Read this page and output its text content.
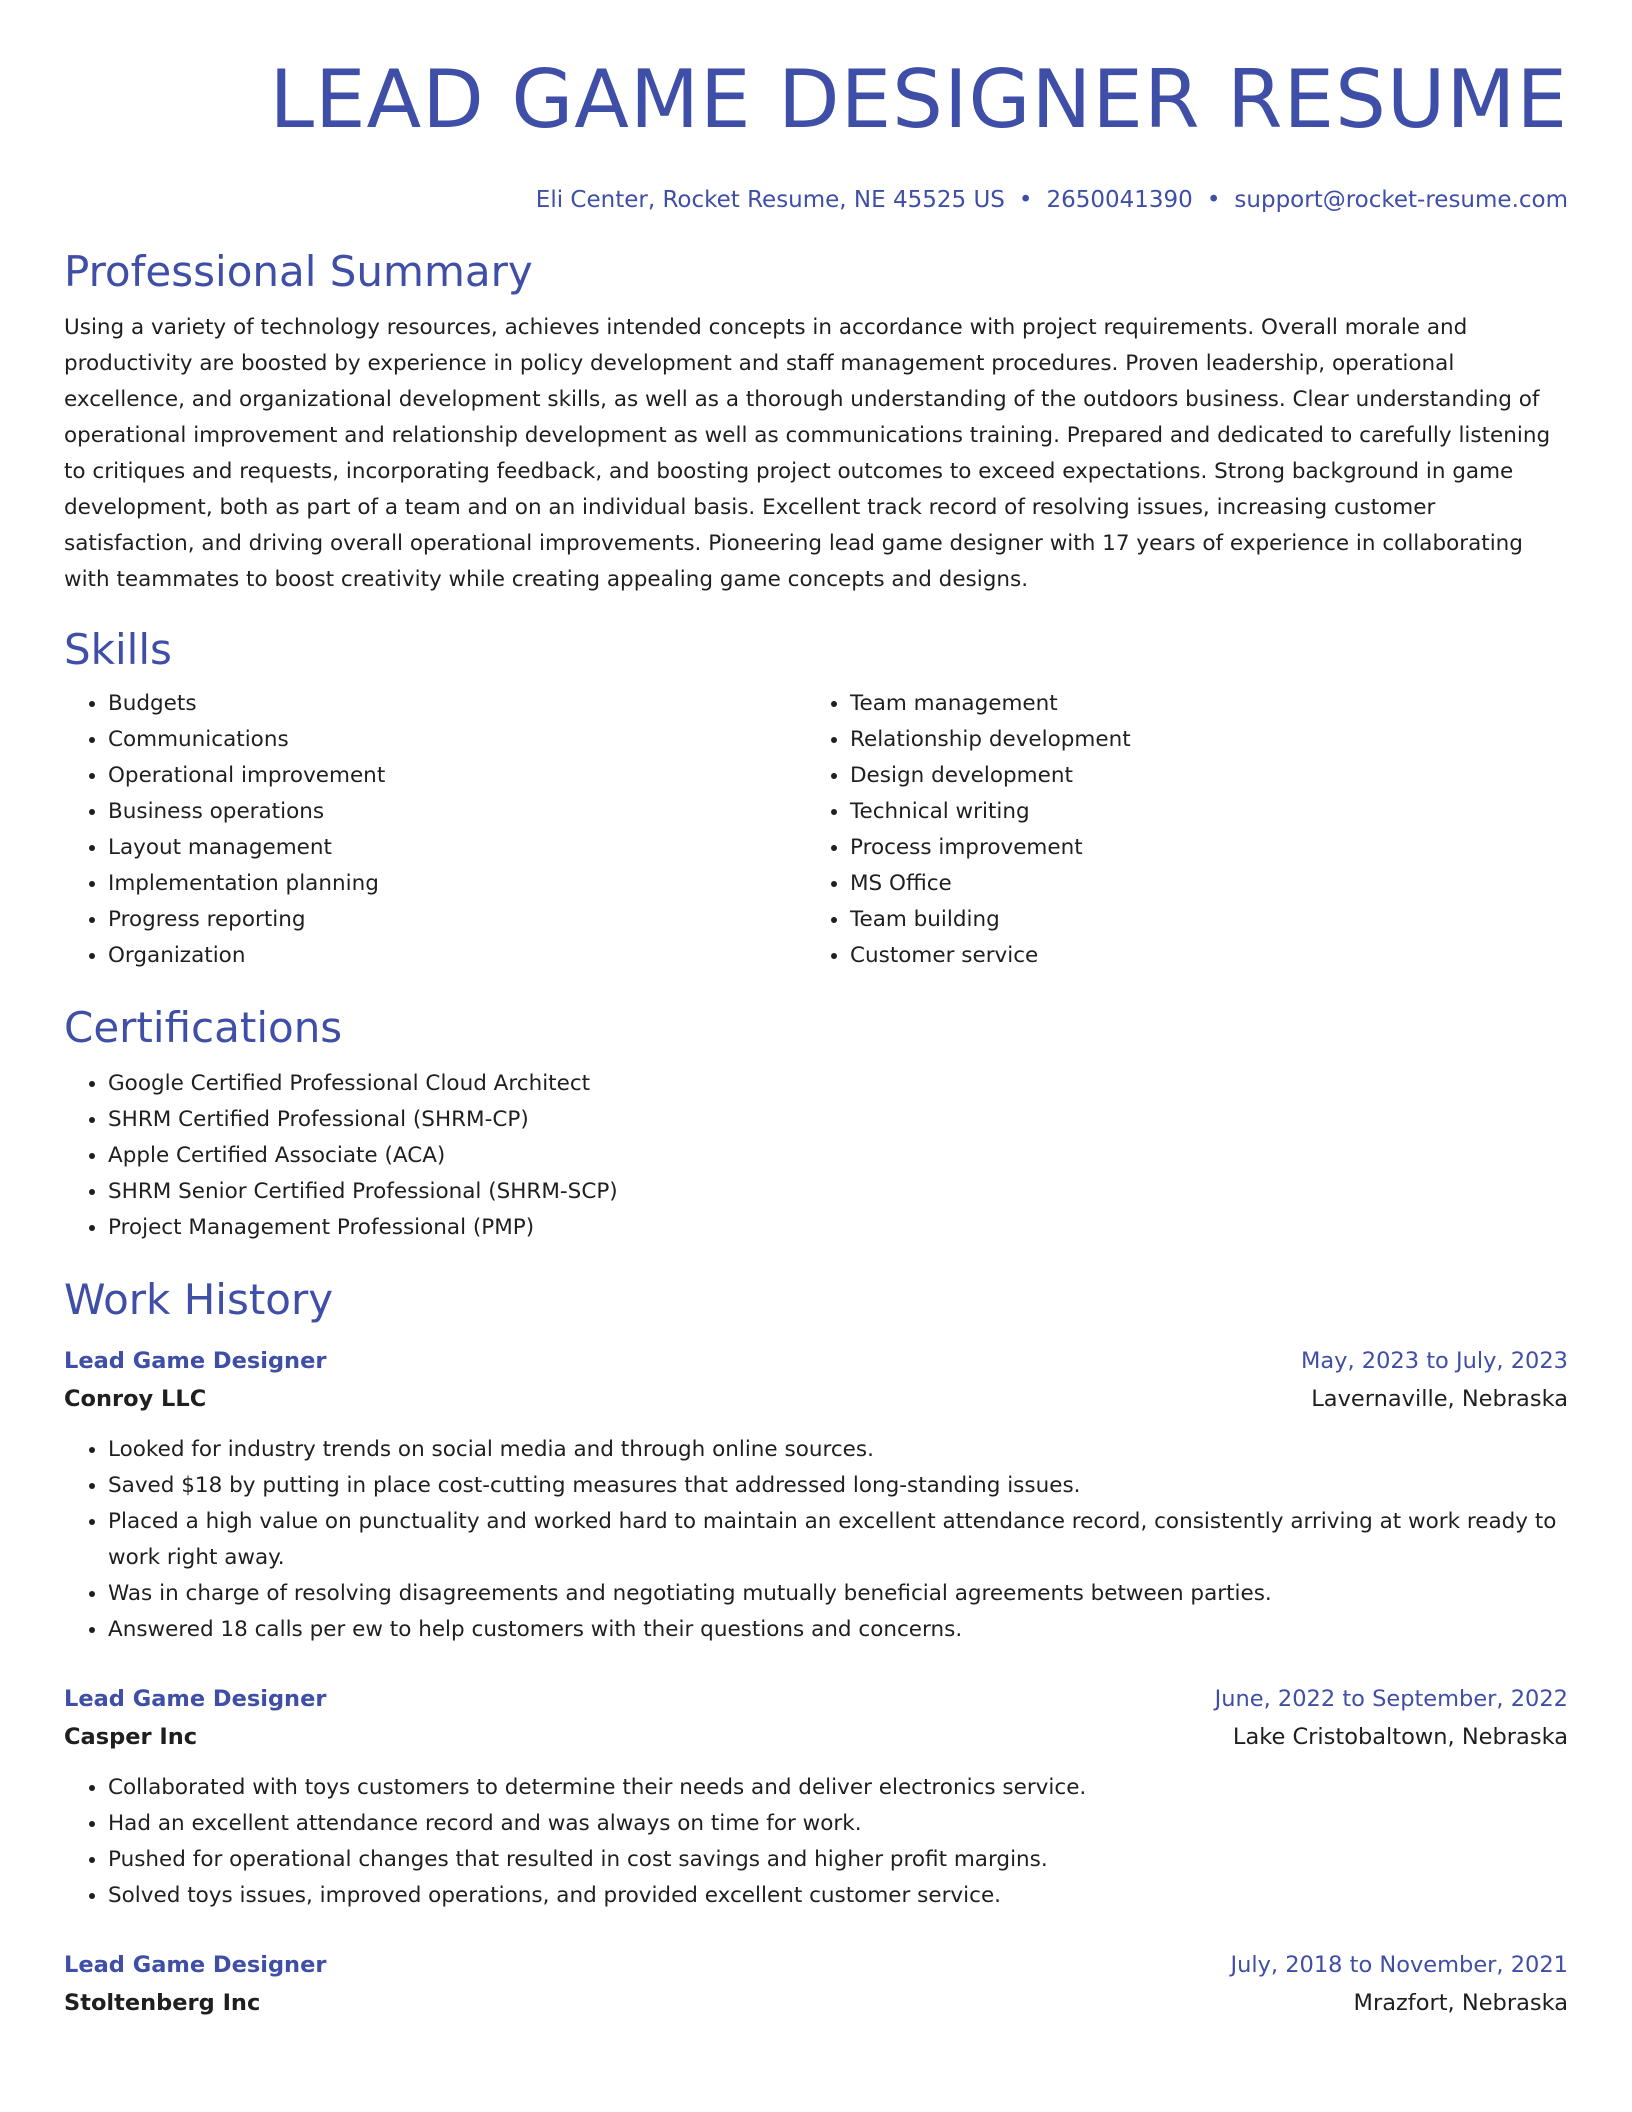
LEAD GAME DESIGNER RESUME
Eli Center, Rocket Resume, NE 45525 US • 2650041390 • support@rocket-resume.com
Professional Summary
Using a variety of technology resources, achieves intended concepts in accordance with project requirements. Overall morale and productivity are boosted by experience in policy development and staff management procedures. Proven leadership, operational excellence, and organizational development skills, as well as a thorough understanding of the outdoors business. Clear understanding of operational improvement and relationship development as well as communications training. Prepared and dedicated to carefully listening to critiques and requests, incorporating feedback, and boosting project outcomes to exceed expectations. Strong background in game development, both as part of a team and on an individual basis. Excellent track record of resolving issues, increasing customer satisfaction, and driving overall operational improvements. Pioneering lead game designer with 17 years of experience in collaborating with teammates to boost creativity while creating appealing game concepts and designs.
Skills
• Budgets
• Communications
• Operational improvement
• Business operations
• Layout management
• Implementation planning
• Progress reporting
• Organization
• Team management
• Relationship development
• Design development
• Technical writing
• Process improvement
• MS Office
• Team building
• Customer service
Certifications
• Google Certified Professional Cloud Architect
• SHRM Certified Professional (SHRM-CP)
• Apple Certified Associate (ACA)
• SHRM Senior Certified Professional (SHRM-SCP)
• Project Management Professional (PMP)
Work History
Lead Game Designer	May, 2023 to July, 2023
Conroy LLC	Lavernaville, Nebraska
• Looked for industry trends on social media and through online sources.
• Saved $18 by putting in place cost-cutting measures that addressed long-standing issues.
• Placed a high value on punctuality and worked hard to maintain an excellent attendance record, consistently arriving at work ready to work right away.
• Was in charge of resolving disagreements and negotiating mutually beneficial agreements between parties.
• Answered 18 calls per ew to help customers with their questions and concerns.
Lead Game Designer	June, 2022 to September, 2022
Casper Inc	Lake Cristobaltown, Nebraska
• Collaborated with toys customers to determine their needs and deliver electronics service.
• Had an excellent attendance record and was always on time for work.
• Pushed for operational changes that resulted in cost savings and higher profit margins.
• Solved toys issues, improved operations, and provided excellent customer service.
Lead Game Designer	July, 2018 to November, 2021
Stoltenberg Inc	Mrazfort, Nebraska
